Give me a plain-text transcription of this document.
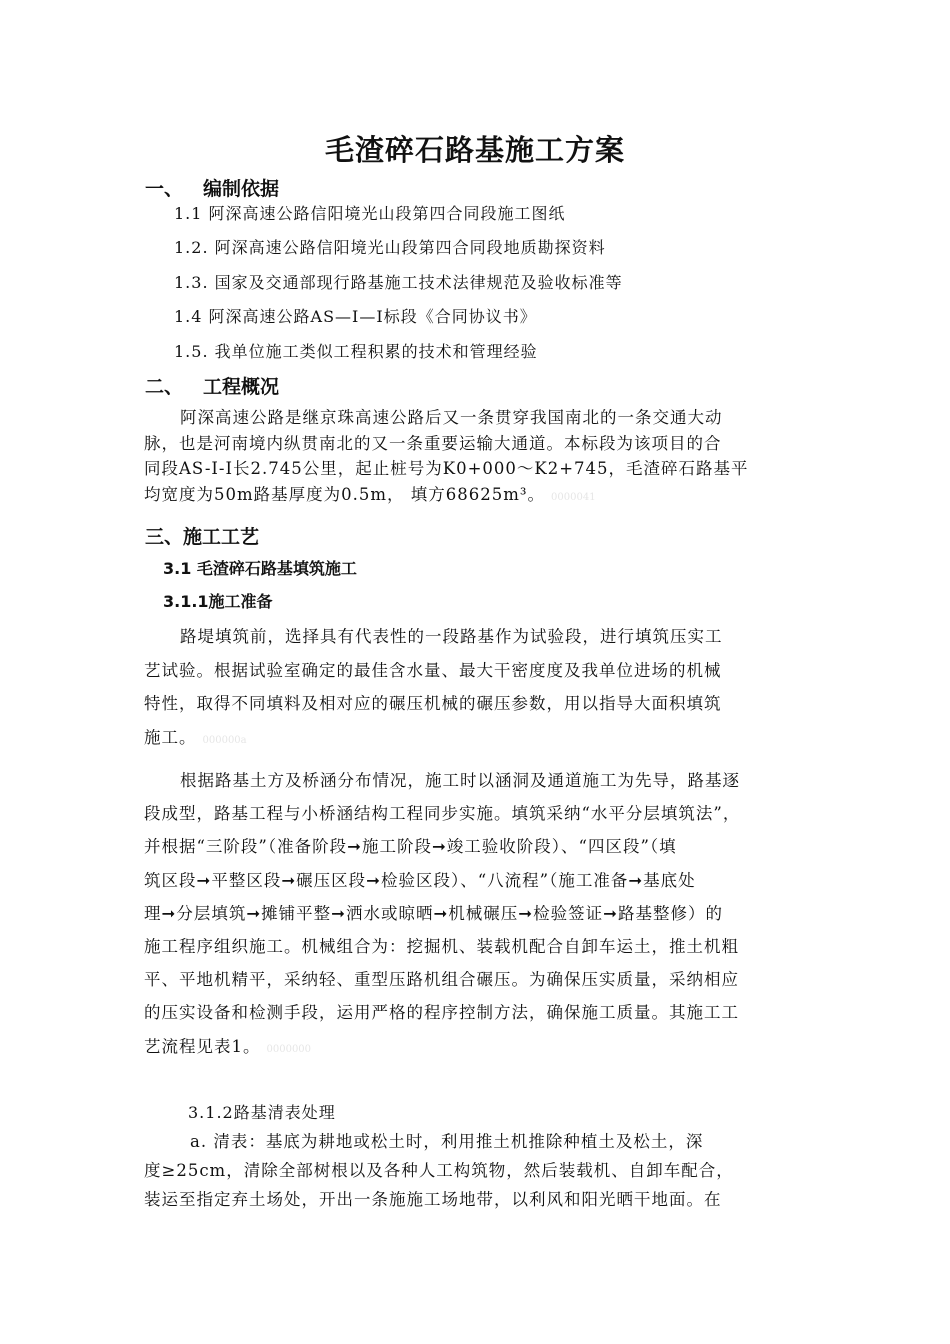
毛渣碎石路基施工方案
一、 编制依据
1.1 阿深高速公路信阳境光山段第四合同段施工图纸
1.2. 阿深高速公路信阳境光山段第四合同段地质勘探资料
1.3. 国家及交通部现行路基施工技术法律规范及验收标准等
1.4 阿深高速公路AS—I—I标段《合同协议书》
1.5. 我单位施工类似工程积累的技术和管理经验
二、 工程概况
阿深高速公路是继京珠高速公路后又一条贯穿我国南北的一条交通大动
脉，也是河南境内纵贯南北的又一条重要运输大通道。本标段为该项目的合
同段AS-I-I长2.745公里，起止桩号为K0+000～K2+745，毛渣碎石路基平
均宽度为50m路基厚度为0.5m， 填方68625m³。 0000041
三、施工工艺
3.1 毛渣碎石路基填筑施工
3.1.1施工准备
路堤填筑前，选择具有代表性的一段路基作为试验段，进行填筑压实工
艺试验。根据试验室确定的最佳含水量、最大干密度度及我单位进场的机械
特性，取得不同填料及相对应的碾压机械的碾压参数，用以指导大面积填筑
施工。 000000a
根据路基土方及桥涵分布情况，施工时以涵洞及通道施工为先导，路基逐
段成型，路基工程与小桥涵结构工程同步实施。填筑采纳“水平分层填筑法”，
并根据“三阶段”（准备阶段➞施工阶段➞竣工验收阶段）、“四区段”（填
筑区段➞平整区段➞碾压区段➞检验区段）、“八流程”（施工准备➞基底处
理➞分层填筑➞摊铺平整➞洒水或晾晒➞机械碾压➞检验签证➞路基整修）的
施工程序组织施工。机械组合为：挖掘机、装载机配合自卸车运土，推土机粗
平、平地机精平，采纳轻、重型压路机组合碾压。为确保压实质量，采纳相应
的压实设备和检测手段，运用严格的程序控制方法，确保施工质量。其施工工
艺流程见表1。 0000000
3.1.2路基清表处理
a. 清表：基底为耕地或松土时，利用推土机推除种植土及松土，深
度≥25cm，清除全部树根以及各种人工构筑物，然后装载机、自卸车配合，
装运至指定弃土场处，开出一条施施工场地带，以利风和阳光晒干地面。在
